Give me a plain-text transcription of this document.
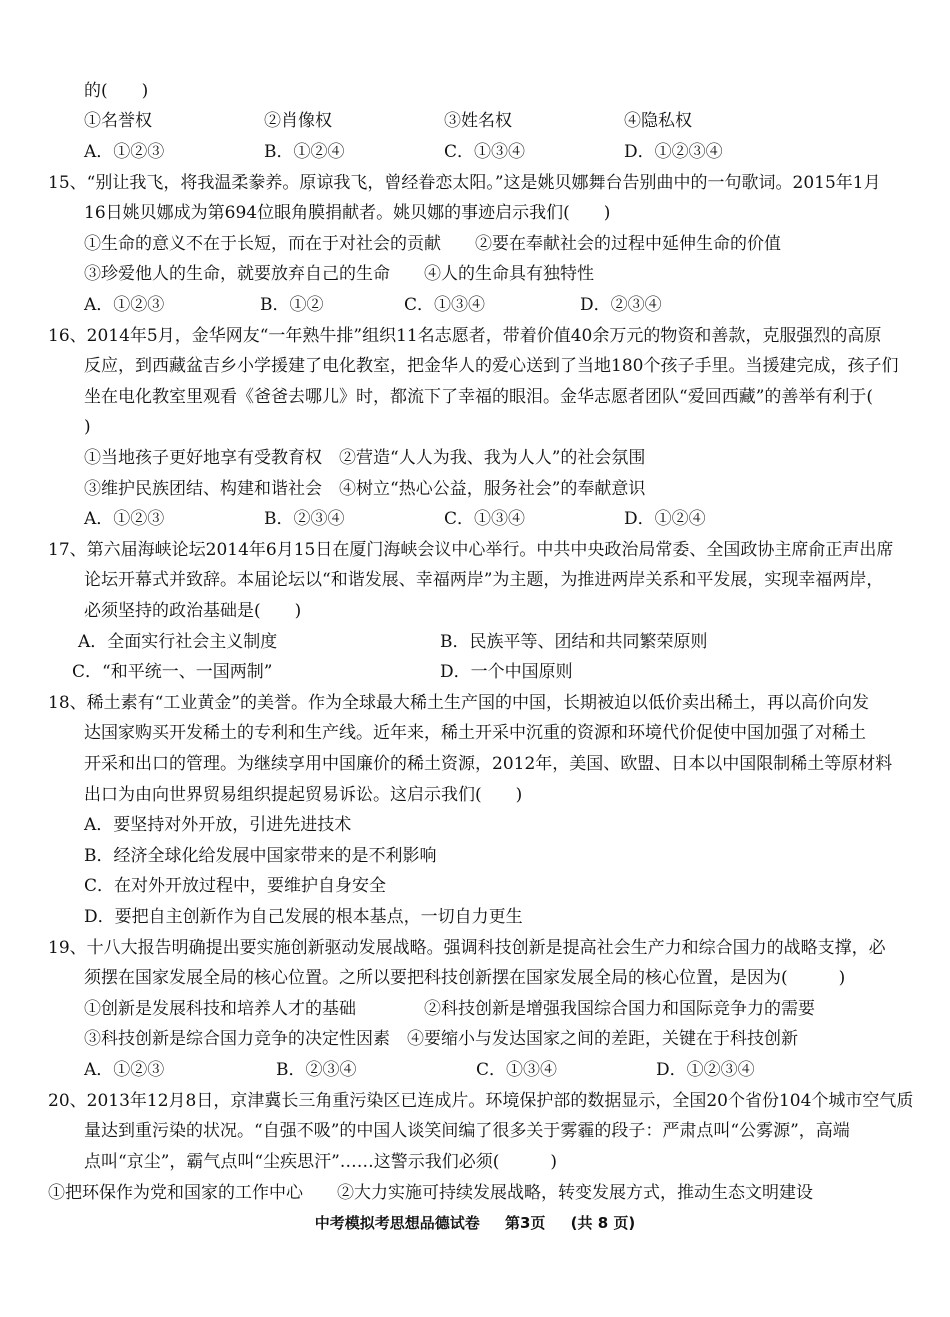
的(　　)
①名誉权	②肖像权	③姓名权	④隐私权
A．①②③	B．①②④	C．①③④	D．①②③④
15、“别让我飞，将我温柔豢养。原谅我飞，曾经眷恋太阳。”这是姚贝娜舞台告别曲中的一句歌词。2015年1月
16日姚贝娜成为第694位眼角膜捐献者。姚贝娜的事迹启示我们(　　)
①生命的意义不在于长短，而在于对社会的贡献　　②要在奉献社会的过程中延伸生命的价值
③珍爱他人的生命，就要放弃自己的生命　　④人的生命具有独特性
A．①②③	B．①②	C．①③④	D．②③④
16、2014年5月，金华网友“一年熟牛排”组织11名志愿者，带着价值40余万元的物资和善款，克服强烈的高原
反应，到西藏盆吉乡小学援建了电化教室，把金华人的爱心送到了当地180个孩子手里。当援建完成，孩子们
坐在电化教室里观看《爸爸去哪儿》时，都流下了幸福的眼泪。金华志愿者团队“爱回西藏”的善举有利于(
)
①当地孩子更好地享有受教育权　②营造“人人为我、我为人人”的社会氛围
③维护民族团结、构建和谐社会　④树立“热心公益，服务社会”的奉献意识
A．①②③	B．②③④	C．①③④	D．①②④
17、第六届海峡论坛2014年6月15日在厦门海峡会议中心举行。中共中央政治局常委、全国政协主席俞正声出席
论坛开幕式并致辞。本届论坛以“和谐发展、幸福两岸”为主题，为推进两岸关系和平发展，实现幸福两岸，
必须坚持的政治基础是(　　)
A．全面实行社会主义制度	B．民族平等、团结和共同繁荣原则
C．“和平统一、一国两制”	D．一个中国原则
18、稀土素有“工业黄金”的美誉。作为全球最大稀土生产国的中国，长期被迫以低价卖出稀土，再以高价向发
达国家购买开发稀土的专利和生产线。近年来，稀土开采中沉重的资源和环境代价促使中国加强了对稀土
开采和出口的管理。为继续享用中国廉价的稀土资源，2012年，美国、欧盟、日本以中国限制稀土等原材料
出口为由向世界贸易组织提起贸易诉讼。这启示我们(　　)
A．要坚持对外开放，引进先进技术
B．经济全球化给发展中国家带来的是不利影响
C．在对外开放过程中，要维护自身安全
D．要把自主创新作为自己发展的根本基点，一切自力更生
19、十八大报告明确提出要实施创新驱动发展战略。强调科技创新是提高社会生产力和综合国力的战略支撑，必
须摆在国家发展全局的核心位置。之所以要把科技创新摆在国家发展全局的核心位置，是因为(　　　)
①创新是发展科技和培养人才的基础　　　　②科技创新是增强我国综合国力和国际竞争力的需要
③科技创新是综合国力竞争的决定性因素　④要缩小与发达国家之间的差距，关键在于科技创新
A．①②③	B．②③④	C．①③④	D．①②③④
20、2013年12月8日，京津冀长三角重污染区已连成片。环境保护部的数据显示，全国20个省份104个城市空气质
量达到重污染的状况。“自强不吸”的中国人谈笑间编了很多关于雾霾的段子：严肃点叫“公雾源”，高端
点叫“京尘”，霸气点叫“尘疾思汗”……这警示我们必须(　　　)
①把环保作为党和国家的工作中心　　②大力实施可持续发展战略，转变发展方式，推动生态文明建设
中考模拟考思想品德试卷 第3页 (共 8 页)
